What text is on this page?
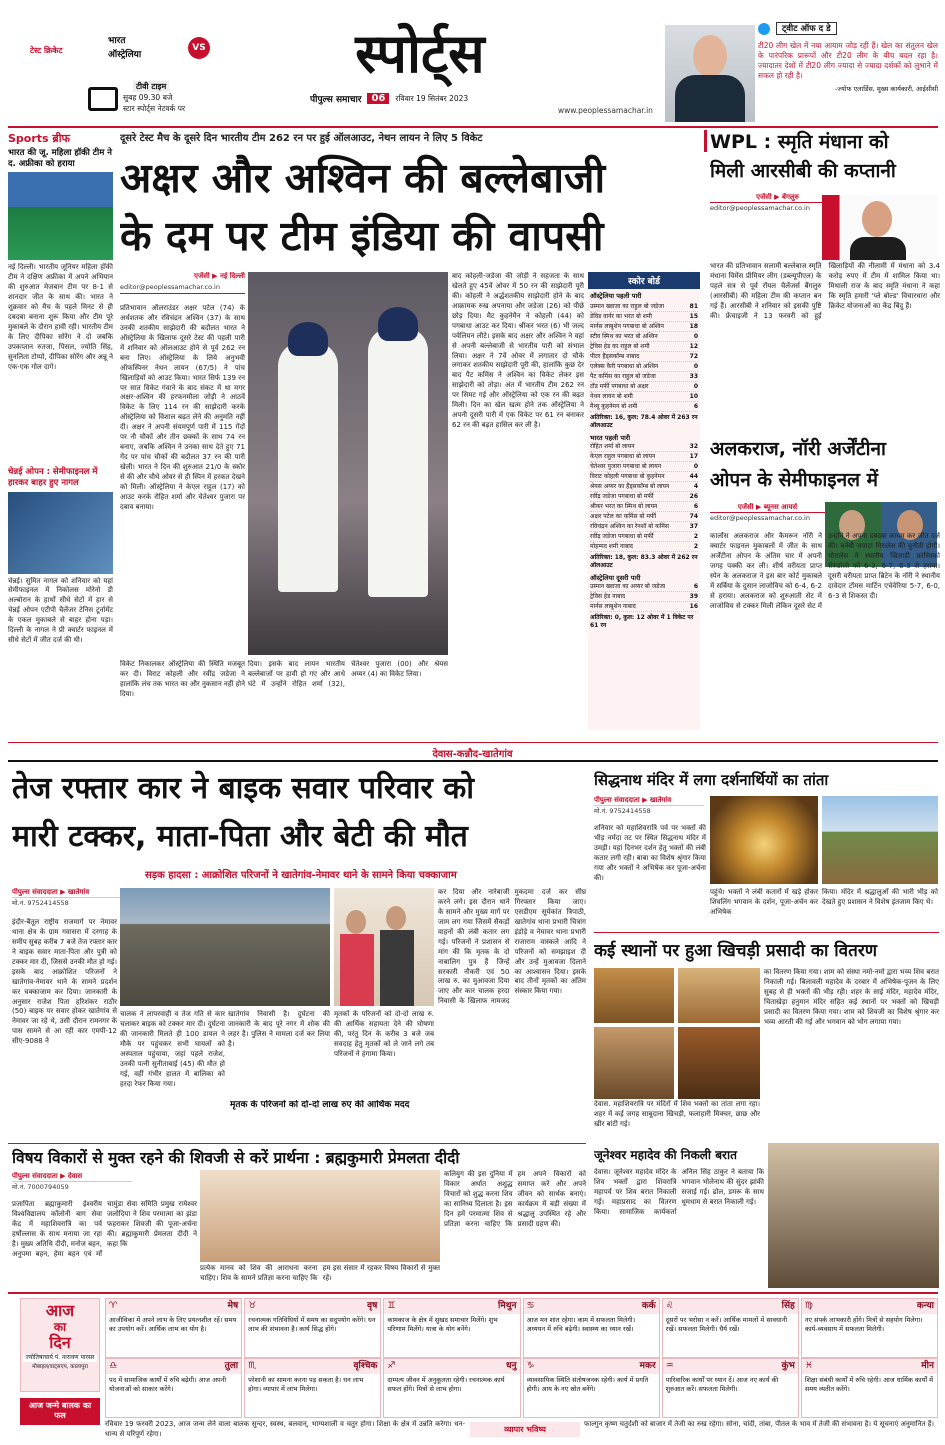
टेस्ट क्रिकेट
भारत
ऑस्ट्रेलिया
VS
टीवी टाइम
सुबह 09.30 बजे
स्टार स्पोर्ट्स नेटवर्क पर
स्पोर्ट्स
पीपुल्स समाचार	06	रविवार 19 सितंबर 2023
www.peoplessamachar.in
ट्वीट ऑफ द डे
टी20 लीग खेल में नया आयाम जोड़ रही हैं। खेल का संतुलन खेल के पारंपरिक प्रारूपों और टी20 लीग के बीच बदल रहा है। ज्यादातर देशों में टी20 लीग ज्यादा से ज्यादा दर्शकों को लुभाने में सफल हो रही है।
-ज्योफ एलार्डिस, मुख्य कार्यकारी, आईसीसी
Sports ब्रीफ
भारत की जू. महिला हॉकी टीम ने द. अफ्रीका को हराया
नई दिल्ली। भारतीय जूनियर महिला हॉकी टीम ने दक्षिण अफ्रीका में अपने अभियान की शुरुआत मेजबान टीम पर 8-1 से शानदार जीत के साथ की। भारत ने शुक्रवार को मैच के पहले मिनट से ही दबदबा बनाना शुरू किया और टीम पूरे मुकाबले के दौरान हावी रही। भारतीय टीम के लिए दीपिका सोरेंग ने दो जबकि उपकप्तान रुतजा, पिसल, ज्योति सिंह, सुनलिता टोप्पो, दीपिका सोरेंग और अन्नू ने एक-एक गोल दागे।
चेन्नई ओपन : सेमीफाइनल में हारकर बाहर हुए नागल
चेन्नई। सुमित नागल को शनिवार को यहां सेमीफाइनल में निकोलस मोरेनो डी अल्बोरान के हाथों सीधे सेटों में हार से चेन्नई ओपन एटीपी चैलेंजर टेनिस टूर्नामेंट के एकल मुकाबले से बाहर होना पड़ा। दिल्ली के नागल ने प्री क्वार्टर फाइनल में सीधे सेटों में जीत दर्ज की थी।
दूसरे टेस्ट मैच के दूसरे दिन भारतीय टीम 262 रन पर हुई ऑलआउट, नेथन लायन ने लिए 5 विकेट
अक्षर और अश्विन की बल्लेबाजी
के दम पर टीम इंडिया की वापसी
एजेंसी ▶ नई दिल्ली
editor@peoplessamachar.co.in
प्रतिभावान ऑलराउंडर अक्षर पटेल (74) के अर्धशतक और रविचंद्रन अश्विन (37) के साथ उनकी शतकीय साझेदारी की बदौलत भारत ने ऑस्ट्रेलिया के खिलाफ दूसरे टेस्ट की पहली पारी में शनिवार को ऑलआउट होने से पूर्व 262 रन बना लिए। ऑस्ट्रेलिया के लिये अनुभवी ऑफस्पिनर नेथन लायन (67/5) ने पांच खिलाड़ियों को आउट किया। भारत सिर्फ 139 रन पर सात विकेट गंवाने के बाद संकट में था मगर अक्षर-अश्विन की हरफनमौला जोड़ी ने आठवें विकेट के लिए 114 रन की साझेदारी करके ऑस्ट्रेलिया को विशाल बढ़त लेने की अनुमति नहीं दी। अक्षर ने अपनी संयमपूर्ण पारी में 115 गेंदों पर नौ चौकों और तीन छक्कों के साथ 74 रन बनाए, जबकि अश्विन ने उनका साथ देते हुए 71 गेंद पर पांच चौकों की बदौलत 37 रन की पारी खेली। भारत ने दिन की शुरुआत 21/0 के स्कोर से की और चौथे ओवर से ही स्पिन में हरकत देखने को मिली। ऑस्ट्रेलिया ने केएल राहुल (17) को आउट करके रोहित शर्मा और चेतेश्वर पुजारा पर दबाव बनाया।
बाद कोहली-जडेजा की जोड़ी ने सहजता के साथ खेलते हुए 45वें ओवर में 50 रन की साझेदारी पूरी की। कोहली ने अर्द्धशतकीय साझेदारी होने के बाद आक्रामक रुख अपनाया और जडेजा (26) को पीछे छोड़ दिया। मैट कुहनेमैन ने कोहली (44) को पगबाधा आउट कर दिया। श्रीकर भरत (6) भी जल्द पवेलियन लौटे। इसके बाद अक्षर और अश्विन ने वहां से अपनी बल्लेबाजी से भारतीय पारी को संभाल लिया। अक्षर ने 7वें ओवर में लगातार दो चौके लगाकर शतकीय साझेदारी पूरी की, हालांकि कुछ देर बाद पैट कमिंस ने अश्विन का विकेट लेकर इस साझेदारी को तोड़ा। अंत में भारतीय टीम 262 रन पर सिमट गई और ऑस्ट्रेलिया को एक रन की बढ़त मिली। दिन का खेल खत्म होने तक ऑस्ट्रेलिया ने अपनी दूसरी पारी में एक विकेट पर 61 रन बनाकर 62 रन की बढ़त हासिल कर ली है।
दिया। इसके बाद लायन भारतीय बल्लेबाजों पर हावी हो गए और आधे घंटे में उन्होंने रोहित शर्मा (32), चेतेश्वर पुजारा (00) और श्रेयस अय्यर (4) का विकेट लिया।
विकेट निकालकर ऑस्ट्रेलिया की स्थिति मजबूत कर दी। विराट कोहली और रवींद्र जडेजा ने हालांकि लंच तक भारत का और नुकसान नहीं होने दिया।
स्कोर बोर्ड
ऑस्ट्रेलिया पहली पारी
उस्मान ख्वाजा का राहुल बो जडेजा	81
डेविड वार्नर का भरत बो शमी	15
मार्नस लाबुशेन पगबाधा बो अश्विन	18
स्टीव स्मिथ का भरत बो अश्विन	0
ट्रेविस हेड का राहुल बो शमी	12
पीटर हैंड्सकॉम्ब नाबाद	72
एलेक्स कैरी पगबाधा बो अश्विन	0
पैट कमिंस का राहुल बो जडेजा	33
टॉड मर्फी पगबाधा बो अक्षर	0
नेथन लायन बो शमी	10
मैथ्यू कुहनेमन बो शमी	6
अतिरिक्त: 16, कुल: 78.4 ओवर में 263 रन ऑलआउट
भारत पहली पारी
रोहित शर्मा बो लायन	32
केएल राहुल पगबाधा बो लायन	17
चेतेश्वर पुजारा पगबाधा बो लायन	0
विराट कोहली पगबाधा बो कुहनेमन	44
श्रेयस अय्यर का हैंड्सकॉम्ब बो लायन	4
रवींद्र जडेजा पगबाधा बो मर्फी	26
श्रीकर भरत का स्मिथ बो लायन	6
अक्षर पटेल का कमिंस बो मर्फी	74
रविचंद्रन अश्विन का रेनशॉ बो कमिंस	37
रवींद्र जडेजा पगबाधा बो मर्फी	2
मोहम्मद शमी नाबाद	2
अतिरिक्त: 18, कुल: 83.3 ओवर में 262 रन ऑलआउट
ऑस्ट्रेलिया दूसरी पारी
उस्मान ख्वाजा का अय्यर बो जडेजा	6
ट्रेविस हेड नाबाद	39
मार्नस लाबुशेन नाबाद	16
अतिरिक्त: 0, कुल: 12 ओवर में 1 विकेट पर 61 रन
WPL : स्मृति मंधाना को
मिली आरसीबी की कप्तानी
एजेंसी ▶ बेंगलुरु
editor@peoplessamachar.co.in
भारत की प्रतिभावान सलामी बल्लेबाज स्मृति मंधाना विमेंस प्रीमियर लीग (डब्ल्यूपीएल) के पहले सत्र से पूर्व रॉयल चैलेंजर्स बैंगलुरु (आरसीबी) की महिला टीम की कप्तान बन गई हैं। आरसीबी ने शनिवार को इसकी पुष्टि की। फ्रेंचाइजी ने 13 फरवरी को हुई खिलाड़ियों की नीलामी में मंधाना को 3.4 करोड़ रुपए में टीम में शामिल किया था। मिथाली राज के बाद स्मृति मंधाना ने कहा कि स्मृति हमारी 'प्ले बोल्ड' विचारधारा और क्रिकेट योजनाओं का केंद्र बिंदु हैं।
अलकराज, नॉरी अर्जेंटीना
ओपन के सेमीफाइनल में
एजेंसी ▶ ब्यूनस आयर्स
editor@peoplessamachar.co.in
कार्लोस अलकराज और कैमरून नॉरी ने क्वार्टर फाइनल मुकाबलों में जीत के साथ अर्जेंटीना ओपन के अंतिम चार में अपनी जगह पक्की कर ली। शीर्ष वरीयता प्राप्त स्पेन के अलकराज ने इस बार कोर्ट मुकाबले में सर्बिया के दुसान लाजोविच को 6-4, 6-2 से हराया। अलकराज को शुरुआती सेट में लाजोविच से टक्कर मिली लेकिन दूसरे सेट में उन्होंने ने अपना दबदबा कायम कर जीत दर्ज की। बर्नबी जपाटा मिरालेस की चुनौती होगी। मोरालेस ने स्थानीय खिलाड़ी फ्रांसिस्को सेरुंडोलो को 6-3, 6-7, 6-3 से हराया। दूसरी वरीयता प्राप्त ब्रिटेन के नॉरी ने स्थानीय दावेदार टॉमस मार्टिन एचेवेरिया 5-7, 6-0, 6-3 से शिकस्त दी।
देवास-कन्नौद-खातेगांव
तेज रफ्तार कार ने बाइक सवार परिवार को
मारी टक्कर, माता-पिता और बेटी की मौत
सड़क हादसा : आक्रोशित परिजनों ने खातेगांव-नेमावर थाने के सामने किया चक्काजाम
पीपुल्स संवाददाता ▶ खातेगांव
मो.नं. 9752414558
इंदौर-बैतूल राष्ट्रीय राजमार्ग पर नेमावर थाना क्षेत्र के ग्राम गवासरा में दरगाह के समीप सुबह करीब 7 बजे तेज रफ्तार कार ने बाइक सवार माता-पिता और पुत्री को टक्कर मार दी, जिससे उनकी मौत हो गई। इसके बाद आक्रोशित परिजनों ने खातेगांव-नेमावर थाने के सामने प्रदर्शन कर चक्काजाम कर दिया। जानकारी के अनुसार राजेश पिता हरिशंकर राठौर (50) बाइक पर सवार होकर खातेगांव से नेमावर जा रहे थे, उसी दौरान रामनगर के पास सामने से आ रही कार एमपी-12 सीए-9088 ने
चालक ने लापरवाही व तेज गति से कार चलाकर बाइक को टक्कर मार दी। दुर्घटना की जानकारी मिलते ही 100 डायल ने मौके पर पहुंचकर सभी घायलों को अस्पताल पहुंचाया, जहां पहले राजेश, उनकी पत्नी सुनीताबाई (45) की मौत हो गई, वहीं गंभीर हालत में बालिका को हरदा रेफर किया गया।
खातेगांव निवासी है। दुर्घटना की जानकारी के बाद पूरे नगर में शोक की लहर है। पुलिस ने मामला दर्ज कर लिया है।
मृतकों के परिजनों को दो-दो लाख रु. की आर्थिक सहायता देने की घोषणा की, परंतु दिन के करीब 3 बजे जब सवदाह हेतु मृतकों को ले जाने लगे तब परिजनों ने हंगामा किया।
मृतक के परिजनों को दो-दो लाख रुए की आर्थिक मदद
कर दिया और नारेबाजी करने लगे। इस दौरान थाने के सामने और मुख्य मार्ग पर जाम लग गया जिसमें सैकड़ों वाहनों की लंबी कतार लग गई। परिजनों ने प्रशासन से मांग की कि मृतक के दो नाबालिग पुत्र हैं जिन्हें सरकारी नौकरी एवं 50 लाख रु. का मुआवजा दिया जाए और कार चालक हरदा निवासी के खिलाफ नामजद मुकदमा दर्ज कर सीघ्र गिरफ्तार किया जाए। एसडीएम सूर्यकांत त्रिपाठी, खातेगांव थाना प्रभारी चित्रांग इंडोड़े व नेमावर थाना प्रभारी राजाराम वास्कले आदि ने परिजनों को समझाइश दी और उन्हें मुआवजा दिलाने का आश्वासन दिया। इसके बाद तीनों मृतकों का अंतिम संस्कार किया गया।
सिद्धनाथ मंदिर में लगा दर्शनार्थियों का तांता
पीपुल्स संवाददाता ▶ खातेगांव
मो.नं. 9752414558
शनिवार को महाशिवरात्रि पर्व पर भक्तों की भीड़ नर्मदा तट पर स्थित सिद्धनाथ मंदिर में उमड़ी। यहां दिनभर दर्शन हेतु भक्तों की लंबी कतार लगी रही। बाबा का विशेष श्रृंगार किया गया और भक्तों ने अभिषेक कर पूजा-अर्चना की।
पहुंचे। भक्तों ने लंबी कतारों में खड़े होकर शिवलिंग भगवान के दर्शन, पूजा-अर्चन कर अभिषेक
किया। मंदिर में श्रद्धालुओं की भारी भीड़ को देखते हुए प्रशासन ने विशेष इंतजाम किए थे।
कई स्थानों पर हुआ खिचड़ी प्रसादी का वितरण
देवास. महाशिवरात्रि पर मंदिरों में शिव भक्तों का तांता लगा रहा। शहर में कई जगह साबूदाना खिचड़ी, फलाहारी मिक्चर, छाछ और खीर बांटी गई।
का वितरण किया गया। शाम को संस्था नमो-नमो द्वारा भव्य शिव बरात निकाली गई। बिलावली महादेव के दरबार में अभिषेक-पूजन के लिए सुबह से ही भक्तों की भीड़ रही। शहर के साई मंदिर, महादेव मंदिर, चिताखेड़ा हनुमान मंदिर सहित कई स्थानों पर भक्तों को खिचड़ी प्रसादी का वितरण किया गया। शाम को शिवजी का विशेष श्रृंगार कर भव्य आरती की गई और भगवान को भोग लगाया गया।
विषय विकारों से मुक्त रहने की शिवजी से करें प्रार्थना : ब्रह्मकुमारी प्रेमलता दीदी
पीपुल्स संवाददाता ▶ देवास
मो.नं. 7000794059
प्रजापिता ब्रह्माकुमारी ईश्वरीय विश्वविद्यालय कॉलोनी बाग सेवा केंद्र में महाशिवरात्रि का पर्व हर्षोल्लास के साथ मनाया जा रहा है। मुख्य अतिथि दीदी, मनोज बहन, अनुपमा बहन, हेमा बहन एवं माँ चामुंडा सेवा समिति प्रमुख रामेश्वर जलोदिया ने शिव परमात्मा का झंडा फहराकर शिवजी की पूजा-अर्चना की। ब्रह्माकुमारी प्रेमलता दीदी ने कहा कि
प्रत्येक मानव को शिव की आराधना करना चाहिए। शिव के सामने प्रतिज्ञा करना चाहिए कि हम इस संसार में रहकर विषय विकारों से मुक्त रहें।
कलियुग की इस दुनिया में विकार अर्थात अशुद्ध विचारों को शुद्ध करना शिव का सानिध्य दिलाता है। इस दिन हमें परमात्मा शिव से प्रतिज्ञा करना चाहिए कि हम अपने विकारों को समाप्त करें और अपने जीवन को सार्थक बनाएं। कार्यक्रम में बड़ी संख्या में श्रद्धालु उपस्थित रहे और प्रसादी ग्रहण की।
जूनेश्वर महादेव की निकली बरात
देवास। जूनेश्वर महादेव मंदिर के शिव भक्तों द्वारा शिवरात्रि महापर्व पर शिव बरात निकाली गई। महाप्रसाद का वितरण किया। सामाजिक कार्यकर्ता अनिल सिंह ठाकुर ने बताया कि भगवान भोलेनाथ की सुंदर झांकी सजाई गई। ढोल, डमरू के साथ धूमधाम से बरात निकाली गई।
आज
का
दिन
ज्योतिषाचार्य पं. नारायण पारसर
मोबाइल/वाट्सएप, कालापुरा
♈	मेष
आजीविका में अपने लाभ के लिए प्रयत्नशील रहें। समय का उपयोग करें। आर्थिक लाभ का योग है।
♉	वृष
रचनात्मक गतिविधियों में समय का सदुपयोग करेंगे। धन लाभ की संभावना है। कार्य सिद्ध होंगे।
♊	मिथुन
कामकाज के क्षेत्र में सुखद समाचार मिलेंगे। शुभ परिणाम मिलेंगे। यात्रा के योग बनेंगे।
♋	कर्क
आज मन शांत रहेगा। काम में सफलता मिलेगी। अध्ययन में रुचि बढ़ेगी। स्वास्थ्य का ध्यान रखें।
♌	सिंह
दूसरों पर भरोसा न करें। आर्थिक मामलों में सावधानी रखें। सफलता मिलेगी। धैर्य रखें।
♍	कन्या
नए संपर्क लाभकारी होंगे। मित्रों से सहयोग मिलेगा। कार्य-व्यवसाय में सफलता मिलेगी।
♎	तुला
पद में सामाजिक कार्यों में रुचि बढ़ेगी। आज अपनी योजनाओं को साकार करेंगे।
♏	वृश्चिक
परेशानी का सामना करना पड़ सकता है। धन लाभ होगा। व्यापार में लाभ मिलेगा।
♐	धनु
दाम्पत्य जीवन में अनुकूलता रहेगी। रचनात्मक कार्य सफल होंगे। मित्रों से लाभ होगा।
♑	मकर
व्यावसायिक स्थिति संतोषजनक रहेगी। कार्य में प्रगति होगी। आय के नए स्रोत बनेंगे।
♒	कुंभ
पारिवारिक कार्यों पर ध्यान दें। आज नए कार्य की शुरुआत करें। सफलता मिलेगी।
♓	मीन
शिक्षा संबंधी कार्यों में रुचि रहेगी। आज धार्मिक कार्यों में समय व्यतीत करेंगे।
आज जन्मे बालक का फल
रविवार 19 फरवरी 2023, आज जन्म लेने वाला बालक सुन्दर, स्वस्थ, बलवान्, भाग्यशाली व चतुर होगा। शिक्षा के क्षेत्र में उन्नति करेगा। धन-धान्य से परिपूर्ण रहेगा।	व्यापार भविष्य
फाल्गुन कृष्ण चतुर्दशी को बाजार में तेजी का रुख रहेगा। सोना, चांदी, तांबा, पीतल के भाव में तेजी की संभावना है। ये सूचनाएं अनुमानित हैं।
